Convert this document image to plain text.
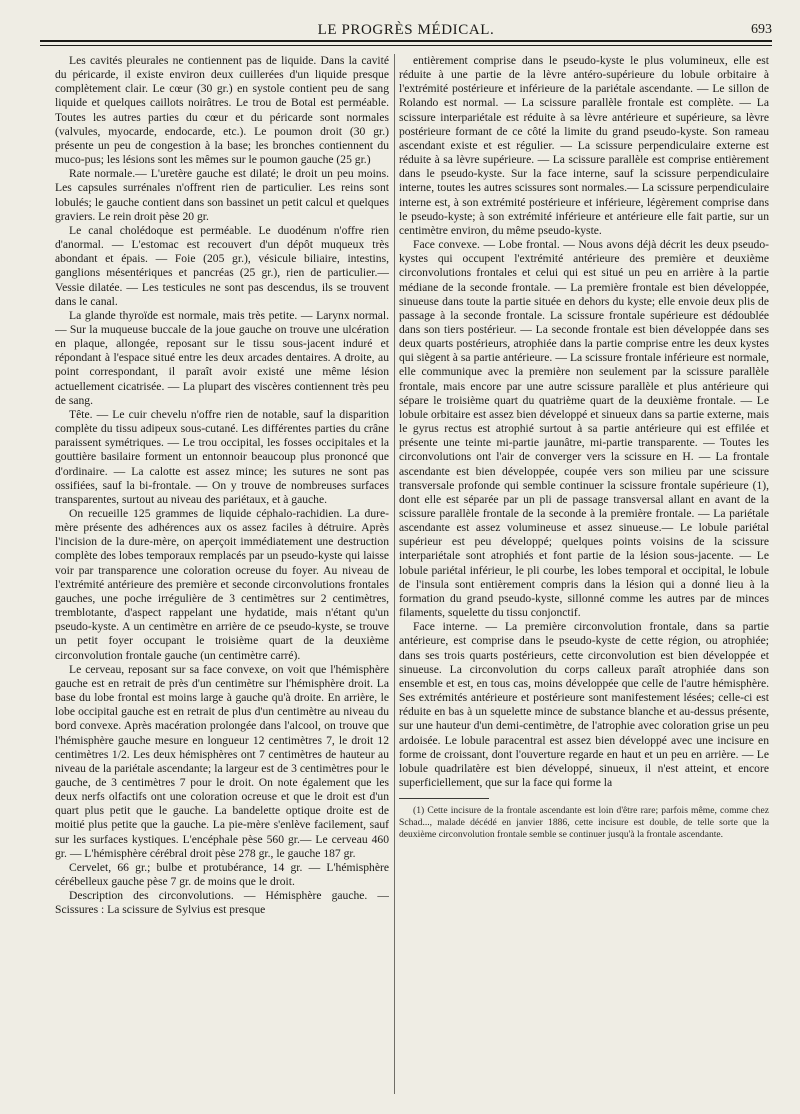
LE PROGRÈS MÉDICAL.	693

Les cavités pleurales ne contiennent pas de liquide. Dans la cavité du péricarde, il existe environ deux cuillerées d'un liquide presque complètement clair. Le cœur (30 gr.) en systole contient peu de sang liquide et quelques caillots noirâtres. Le trou de Botal est perméable. Toutes les autres parties du cœur et du péricarde sont normales (valvules, myocarde, endocarde, etc.). Le poumon droit (30 gr.) présente un peu de congestion à la base; les bronches contiennent du muco-pus; les lésions sont les mêmes sur le poumon gauche (25 gr.)

Rate normale.— L'uretère gauche est dilaté; le droit un peu moins. Les capsules surrénales n'offrent rien de particulier. Les reins sont lobulés; le gauche contient dans son bassinet un petit calcul et quelques graviers. Le rein droit pèse 20 gr.

Le canal cholédoque est perméable. Le duodénum n'offre rien d'anormal. — L'estomac est recouvert d'un dépôt muqueux très abondant et épais. — Foie (205 gr.), vésicule biliaire, intestins, ganglions mésentériques et pancréas (25 gr.), rien de particulier.— Vessie dilatée. — Les testicules ne sont pas descendus, ils se trouvent dans le canal.

La glande thyroïde est normale, mais très petite. — Larynx normal. — Sur la muqueuse buccale de la joue gauche on trouve une ulcération en plaque, allongée, reposant sur le tissu sous-jacent induré et répondant à l'espace situé entre les deux arcades dentaires. A droite, au point correspondant, il paraît avoir existé une même lésion actuellement cicatrisée. — La plupart des viscères contiennent très peu de sang.

Tête. — Le cuir chevelu n'offre rien de notable, sauf la disparition complète du tissu adipeux sous-cutané. Les différentes parties du crâne paraissent symétriques. — Le trou occipital, les fosses occipitales et la gouttière basilaire forment un entonnoir beaucoup plus prononcé que d'ordinaire. — La calotte est assez mince; les sutures ne sont pas ossifiées, sauf la bi-frontale. — On y trouve de nombreuses surfaces transparentes, surtout au niveau des pariétaux, et à gauche.

On recueille 125 grammes de liquide céphalo-rachidien. La dure-mère présente des adhérences aux os assez faciles à détruire. Après l'incision de la dure-mère, on aperçoit immédiatement une destruction complète des lobes temporaux remplacés par un pseudo-kyste qui laisse voir par transparence une coloration ocreuse du foyer. Au niveau de l'extrémité antérieure des première et seconde circonvolutions frontales gauches, une poche irrégulière de 3 centimètres sur 2 centimètres, tremblotante, d'aspect rappelant une hydatide, mais n'étant qu'un pseudo-kyste. A un centimètre en arrière de ce pseudo-kyste, se trouve un petit foyer occupant le troisième quart de la deuxième circonvolution frontale gauche (un centimètre carré).

Le cerveau, reposant sur sa face convexe, on voit que l'hémisphère gauche est en retrait de près d'un centimètre sur l'hémisphère droit. La base du lobe frontal est moins large à gauche qu'à droite. En arrière, le lobe occipital gauche est en retrait de plus d'un centimètre au niveau du bord convexe. Après macération prolongée dans l'alcool, on trouve que l'hémisphère gauche mesure en longueur 12 centimètres 7, le droit 12 centimètres 1/2. Les deux hémisphères ont 7 centimètres de hauteur au niveau de la pariétale ascendante; la largeur est de 3 centimètres pour le gauche, de 3 centimètres 7 pour le droit. On note également que les deux nerfs olfactifs ont une coloration ocreuse et que le droit est d'un quart plus petit que le gauche. La bandelette optique droite est de moitié plus petite que la gauche. La pie-mère s'enlève facilement, sauf sur les surfaces kystiques. L'encéphale pèse 560 gr.— Le cerveau 460 gr. — L'hémisphère cérébral droit pèse 278 gr., le gauche 187 gr.

Cervelet, 66 gr.; bulbe et protubérance, 14 gr. — L'hémisphère cérébelleux gauche pèse 7 gr. de moins que le droit.

Description des circonvolutions. — Hémisphère gauche. — Scissures : La scissure de Sylvius est presque

entièrement comprise dans le pseudo-kyste le plus volumineux, elle est réduite à une partie de la lèvre antéro-supérieure du lobule orbitaire à l'extrémité postérieure et inférieure de la pariétale ascendante. — Le sillon de Rolando est normal. — La scissure parallèle frontale est complète. — La scissure interpariétale est réduite à sa lèvre antérieure et supérieure, sa lèvre postérieure formant de ce côté la limite du grand pseudo-kyste. Son rameau ascendant existe et est régulier. — La scissure perpendiculaire externe est réduite à sa lèvre supérieure. — La scissure parallèle est comprise entièrement dans le pseudo-kyste. Sur la face interne, sauf la scissure perpendiculaire interne, toutes les autres scissures sont normales.— La scissure perpendiculaire interne est, à son extrémité postérieure et inférieure, légèrement comprise dans le pseudo-kyste; à son extrémité inférieure et antérieure elle fait partie, sur un centimètre environ, du même pseudo-kyste.

Face convexe. — Lobe frontal. — Nous avons déjà décrit les deux pseudo-kystes qui occupent l'extrémité antérieure des première et deuxième circonvolutions frontales et celui qui est situé un peu en arrière à la partie médiane de la seconde frontale. — La première frontale est bien développée, sinueuse dans toute la partie située en dehors du kyste; elle envoie deux plis de passage à la seconde frontale. La scissure frontale supérieure est dédoublée dans son tiers postérieur. — La seconde frontale est bien développée dans ses deux quarts postérieurs, atrophiée dans la partie comprise entre les deux kystes qui siègent à sa partie antérieure. — La scissure frontale inférieure est normale, elle communique avec la première non seulement par la scissure parallèle frontale, mais encore par une autre scissure parallèle et plus antérieure qui sépare le troisième quart du quatrième quart de la deuxième frontale. — Le lobule orbitaire est assez bien développé et sinueux dans sa partie externe, mais le gyrus rectus est atrophié surtout à sa partie antérieure qui est effilée et présente une teinte mi-partie jaunâtre, mi-partie transparente. — Toutes les circonvolutions ont l'air de converger vers la scissure en H. — La frontale ascendante est bien développée, coupée vers son milieu par une scissure transversale profonde qui semble continuer la scissure frontale supérieure (1), dont elle est séparée par un pli de passage transversal allant en avant de la scissure parallèle frontale de la seconde à la première frontale. — La pariétale ascendante est assez volumineuse et assez sinueuse.— Le lobule pariétal supérieur est peu développé; quelques points voisins de la scissure interpariétale sont atrophiés et font partie de la lésion sous-jacente. — Le lobule pariétal inférieur, le pli courbe, les lobes temporal et occipital, le lobule de l'insula sont entièrement compris dans la lésion qui a donné lieu à la formation du grand pseudo-kyste, sillonné comme les autres par de minces filaments, squelette du tissu conjonctif.

Face interne. — La première circonvolution frontale, dans sa partie antérieure, est comprise dans le pseudo-kyste de cette région, ou atrophiée; dans ses trois quarts postérieurs, cette circonvolution est bien développée et sinueuse. La circonvolution du corps calleux paraît atrophiée dans son ensemble et est, en tous cas, moins développée que celle de l'autre hémisphère. Ses extrémités antérieure et postérieure sont manifestement lésées; celle-ci est réduite en bas à un squelette mince de substance blanche et au-dessus présente, sur une hauteur d'un demi-centimètre, de l'atrophie avec coloration grise un peu ardoisée. Le lobule paracentral est assez bien développé avec une incisure en forme de croissant, dont l'ouverture regarde en haut et un peu en arrière. — Le lobule quadrilatère est bien développé, sinueux, il n'est atteint, et encore superficiellement, que sur la face qui forme la

(1) Cette incisure de la frontale ascendante est loin d'être rare; parfois même, comme chez Schad..., malade décédé en janvier 1886, cette incisure est double, de telle sorte que la deuxième circonvolution frontale semble se continuer jusqu'à la frontale ascendante.
